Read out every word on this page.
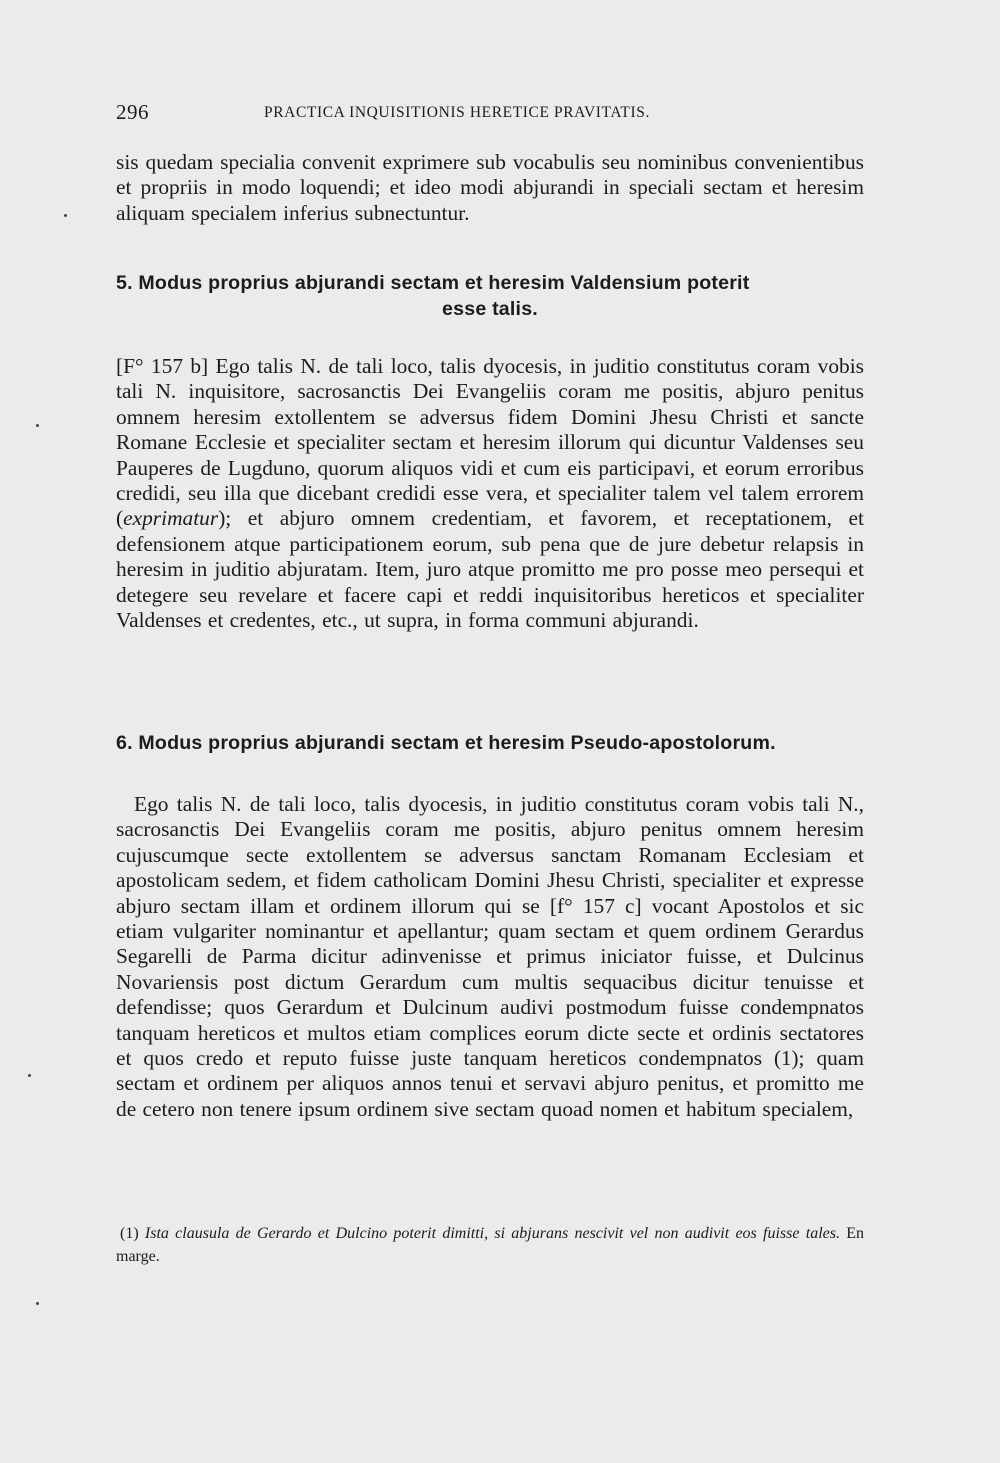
296	PRACTICA INQUISITIONIS HERETICE PRAVITATIS.

sis quedam specialia convenit exprimere sub vocabulis seu nominibus convenientibus et propriis in modo loquendi; et ideo modi abjurandi in speciali sectam et heresim aliquam specialem inferius subnectuntur.

5. Modus proprius abjurandi sectam et heresim Valdensium poterit
esse talis.

[F° 157 b] Ego talis N. de tali loco, talis dyocesis, in juditio constitutus coram vobis tali N. inquisitore, sacrosanctis Dei Evangeliis coram me positis, abjuro penitus omnem heresim extollentem se adversus fidem Domini Jhesu Christi et sancte Romane Ecclesie et specialiter sectam et heresim illorum qui dicuntur Valdenses seu Pauperes de Lugduno, quorum aliquos vidi et cum eis participavi, et eorum erroribus credidi, seu illa que dicebant credidi esse vera, et specialiter talem vel talem errorem (exprimatur); et abjuro omnem credentiam, et favorem, et receptationem, et defensionem atque participationem eorum, sub pena que de jure debetur relapsis in heresim in juditio abjuratam. Item, juro atque promitto me pro posse meo persequi et detegere seu revelare et facere capi et reddi inquisitoribus hereticos et specialiter Valdenses et credentes, etc., ut supra, in forma communi abjurandi.

6. Modus proprius abjurandi sectam et heresim Pseudo-apostolorum.

Ego talis N. de tali loco, talis dyocesis, in juditio constitutus coram vobis tali N., sacrosanctis Dei Evangeliis coram me positis, abjuro penitus omnem heresim cujuscumque secte extollentem se adversus sanctam Romanam Ecclesiam et apostolicam sedem, et fidem catholicam Domini Jhesu Christi, specialiter et expresse abjuro sectam illam et ordinem illorum qui se [f° 157 c] vocant Apostolos et sic etiam vulgariter nominantur et apellantur; quam sectam et quem ordinem Gerardus Segarelli de Parma dicitur adinvenisse et primus iniciator fuisse, et Dulcinus Novariensis post dictum Gerardum cum multis sequacibus dicitur tenuisse et defendisse; quos Gerardum et Dulcinum audivi postmodum fuisse condempnatos tanquam hereticos et multos etiam complices eorum dicte secte et ordinis sectatores et quos credo et reputo fuisse juste tanquam hereticos condempnatos (1); quam sectam et ordinem per aliquos annos tenui et servavi abjuro penitus, et promitto me de cetero non tenere ipsum ordinem sive sectam quoad nomen et habitum specialem,

(1) Ista clausula de Gerardo et Dulcino poterit dimitti, si abjurans nescivit vel non audivit eos fuisse tales. En marge.
